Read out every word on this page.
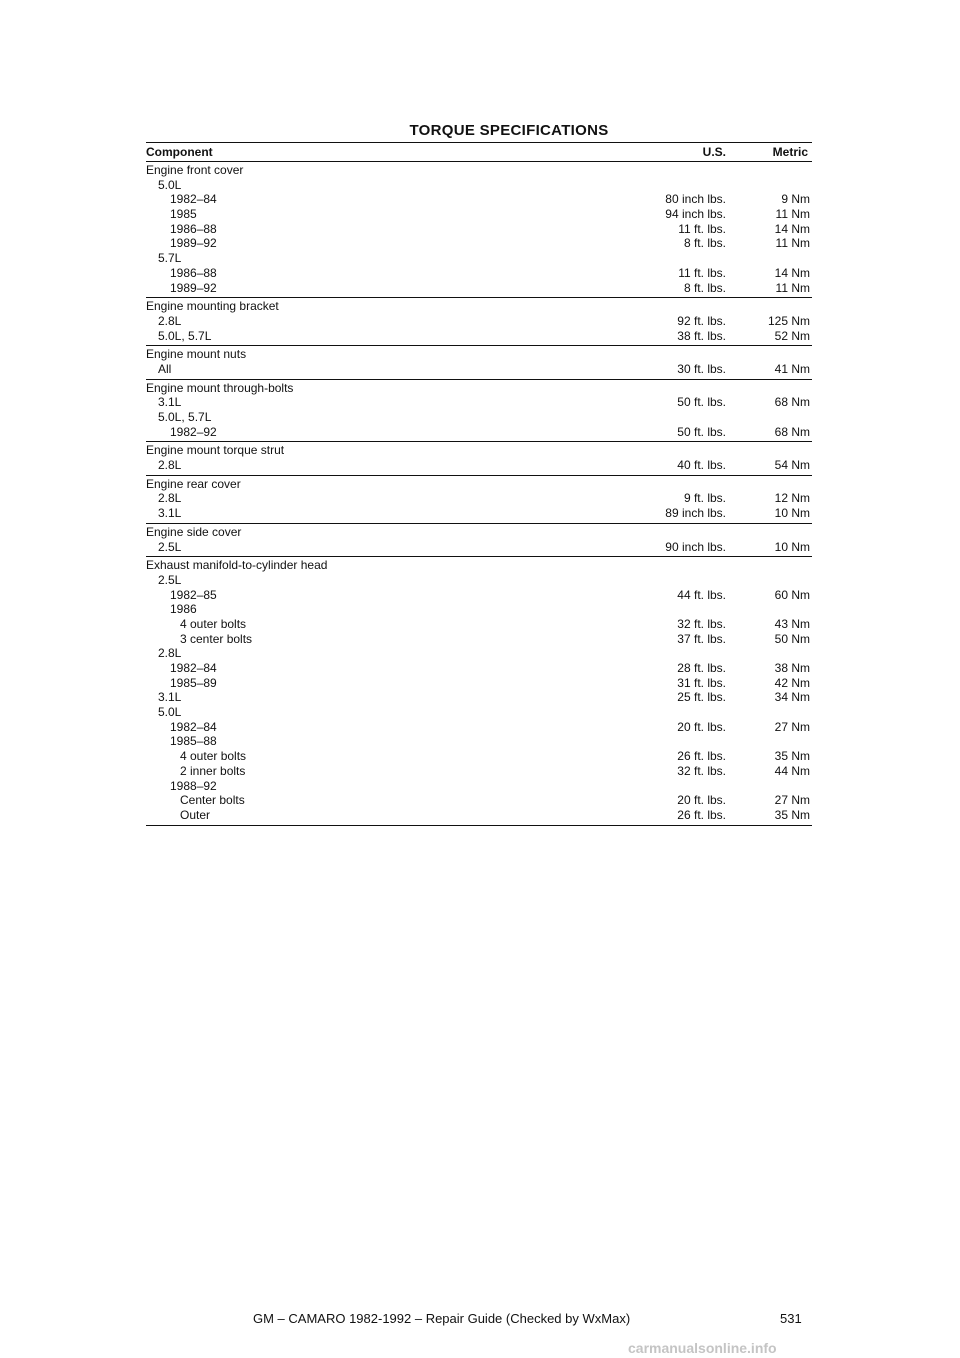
TORQUE SPECIFICATIONS
Component	U.S.	Metric
Engine front cover
5.0L
1982–84	80 inch lbs.	9 Nm
1985	94 inch lbs.	11 Nm
1986–88	11 ft. lbs.	14 Nm
1989–92	8 ft. lbs.	11 Nm
5.7L
1986–88	11 ft. lbs.	14 Nm
1989–92	8 ft. lbs.	11 Nm
Engine mounting bracket
2.8L	92 ft. lbs.	125 Nm
5.0L, 5.7L	38 ft. lbs.	52 Nm
Engine mount nuts
All	30 ft. lbs.	41 Nm
Engine mount through-bolts
3.1L	50 ft. lbs.	68 Nm
5.0L, 5.7L
1982–92	50 ft. lbs.	68 Nm
Engine mount torque strut
2.8L	40 ft. lbs.	54 Nm
Engine rear cover
2.8L	9 ft. lbs.	12 Nm
3.1L	89 inch lbs.	10 Nm
Engine side cover
2.5L	90 inch lbs.	10 Nm
Exhaust manifold-to-cylinder head
2.5L
1982–85	44 ft. lbs.	60 Nm
1986
4 outer bolts	32 ft. lbs.	43 Nm
3 center bolts	37 ft. lbs.	50 Nm
2.8L
1982–84	28 ft. lbs.	38 Nm
1985–89	31 ft. lbs.	42 Nm
3.1L	25 ft. lbs.	34 Nm
5.0L
1982–84	20 ft. lbs.	27 Nm
1985–88
4 outer bolts	26 ft. lbs.	35 Nm
2 inner bolts	32 ft. lbs.	44 Nm
1988–92
Center bolts	20 ft. lbs.	27 Nm
Outer	26 ft. lbs.	35 Nm
GM – CAMARO 1982-1992 – Repair Guide (Checked by WxMax)	531
carmanualsonline.info
